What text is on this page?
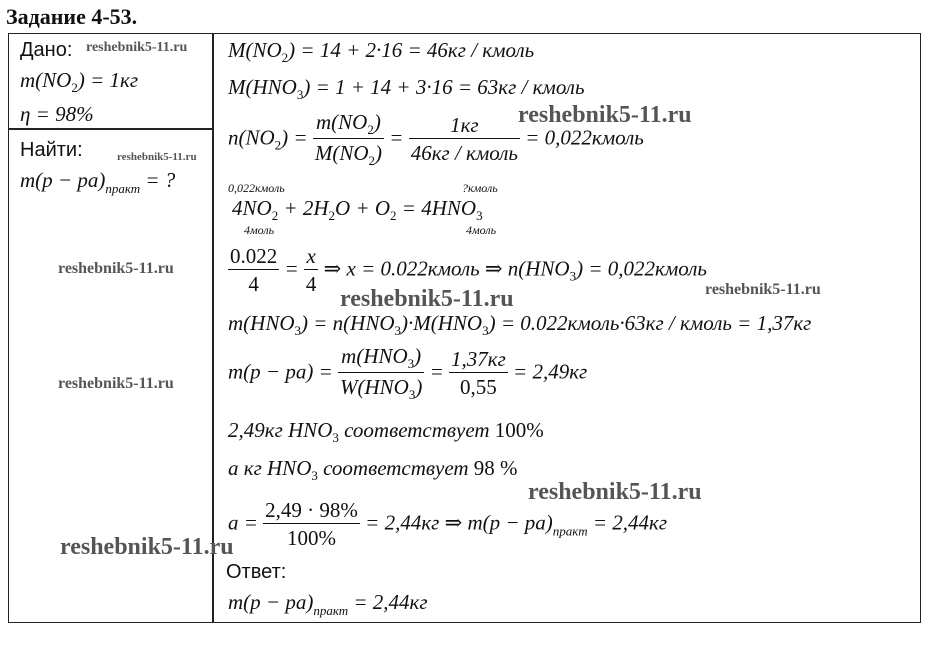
Задание 4-53.
Дано:
$m(NO_2) = 1кг$
η = 98%
Найти:
$m(p - pa)_{практ}$ = ?
$M(NO_2) = 14 + 2\cdot 16 = 46кг$ / кмоль
$M(HNO_3) = 1 + 14 + 3\cdot 16 = 63кг$ / кмоль
$n(NO_2) = \frac{m(NO_2)}{M(NO_2)} = \frac{1кг}{\text{46кг / кмоль}}$ = 0,022кмоль
0,022кмоль	?кмоль
$4NO_2 + 2H_2O + O_2 = 4HNO_3$
4моль	4моль
$\frac{0.022}{4} = \frac{x}{4}$ ⇒ x = 0.022кмоль ⇒ $n(HNO_3)$ = 0,022кмоль
$m(HNO_3) = n(HNO_3)\cdot M(HNO_3)$ = 0.022кмоль·63кг / кмоль = 1,37кг
$m(p - pa) = \frac{m(HNO_3)}{W(HNO_3)} = \frac{1,37кг}{0,55} = 2,49кг$
2,49кг $HNO_3$ соответствует 100%
a кг $HNO_3$ соответствует 98 %
$a = \frac{2,49 \cdot 98\%}{100\%} = 2,44кг$ ⇒ $m(p - pa)_{практ} = 2,44кг$
Ответ:
$m(p - pa)_{практ} = 2,44кг$
reshebnik5-11.ru
reshebnik5-11.ru
reshebnik5-11.ru
reshebnik5-11.ru
reshebnik5-11.ru
reshebnik5-11.ru	reshebnik5-11.ru
reshebnik5-11.ru
reshebnik5-11.ru
